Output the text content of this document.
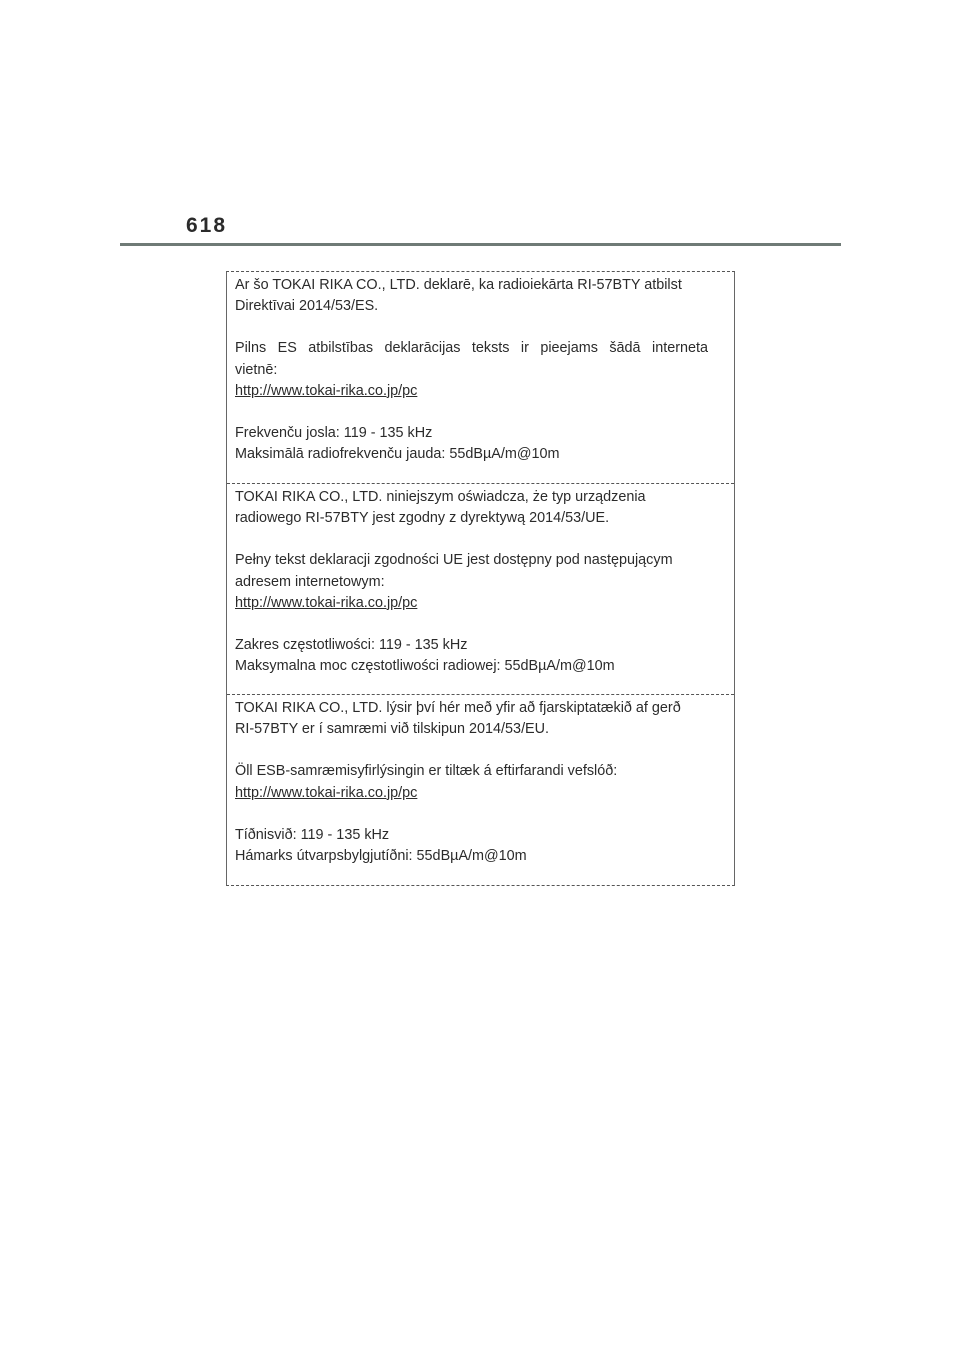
618

Ar šo TOKAI RIKA CO., LTD. deklarē, ka radioiekārta RI-57BTY atbilst

Direktīvai 2014/53/ES.

Pilns ES atbilstības deklarācijas teksts ir pieejams šādā interneta

vietnē:

http://www.tokai-rika.co.jp/pc

Frekvenču josla: 119 - 135 kHz

Maksimālā radiofrekvenču jauda: 55dBµA/m@10m

TOKAI RIKA CO., LTD. niniejszym oświadcza, że typ urządzenia

radiowego RI-57BTY jest zgodny z dyrektywą 2014/53/UE.

Pełny tekst deklaracji zgodności UE jest dostępny pod następującym

adresem internetowym:

http://www.tokai-rika.co.jp/pc

Zakres częstotliwości: 119 - 135 kHz

Maksymalna moc częstotliwości radiowej: 55dBµA/m@10m

TOKAI RIKA CO., LTD. lýsir því hér með yfir að fjarskiptatækið af gerð

RI-57BTY er í samræmi við tilskipun 2014/53/EU.

Öll ESB-samræmisyfirlýsingin er tiltæk á eftirfarandi vefslóð:

http://www.tokai-rika.co.jp/pc

Tíðnisvið: 119 - 135 kHz

Hámarks útvarpsbylgjutíðni: 55dBµA/m@10m
